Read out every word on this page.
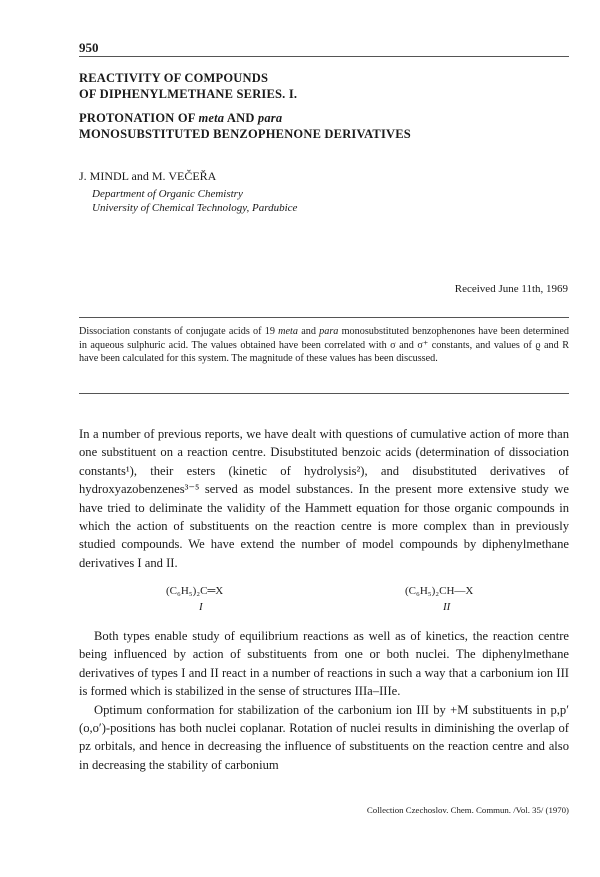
950
REACTIVITY OF COMPOUNDS
OF DIPHENYLMETHANE SERIES. I.
PROTONATION OF meta AND para
MONOSUBSTITUTED BENZOPHENONE DERIVATIVES
J. MINDL and M. VEČEŘA
Department of Organic Chemistry
University of Chemical Technology, Pardubice
Received June 11th, 1969
Dissociation constants of conjugate acids of 19 meta and para monosubstituted benzophenones have been determined in aqueous sulphuric acid. The values obtained have been correlated with σ and σ⁺ constants, and values of ϱ and R have been calculated for this system. The magnitude of these values has been discussed.

In a number of previous reports, we have dealt with questions of cumulative action of more than one substituent on a reaction centre. Disubstituted benzoic acids (determination of dissociation constants¹), their esters (kinetic of hydrolysis²), and disubstituted derivatives of hydroxyazobenzenes³⁻⁵ served as model substances. In the present more extensive study we have tried to deliminate the validity of the Hammett equation for those organic compounds in which the action of substituents on the reaction centre is more complex than in previously studied compounds. We have extend the number of model compounds by diphenylmethane derivatives I and II.

(C₆H₅)₂C═X
I
(C₆H₅)₂CH—X
II

Both types enable study of equilibrium reactions as well as of kinetics, the reaction centre being influenced by action of substituents from one or both nuclei. The diphenylmethane derivatives of types I and II react in a number of reactions in such a way that a carbonium ion III is formed which is stabilized in the sense of structures IIIa–IIIe.

Optimum conformation for stabilization of the carbonium ion III by +M substituents in p,p′(o,o′)-positions has both nuclei coplanar. Rotation of nuclei results in diminishing the overlap of pz orbitals, and hence in decreasing the influence of substituents on the reaction centre and also in decreasing the stability of carbonium

Collection Czechoslov. Chem. Commun. /Vol. 35/ (1970)
